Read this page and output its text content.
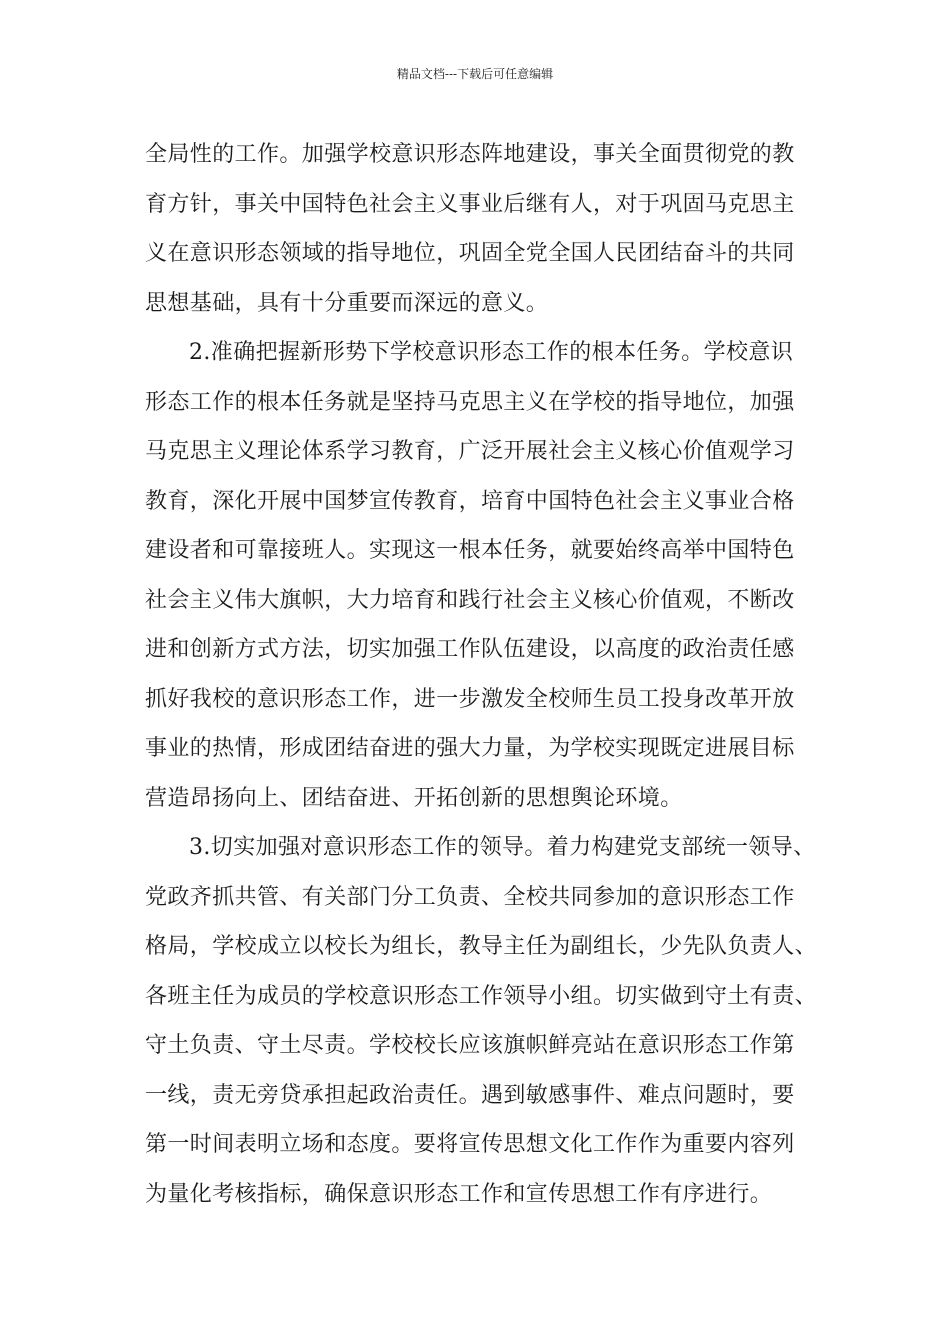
精品文档---下载后可任意编辑
全局性的工作。加强学校意识形态阵地建设，事关全面贯彻党的教
育方针，事关中国特色社会主义事业后继有人，对于巩固马克思主
义在意识形态领域的指导地位，巩固全党全国人民团结奋斗的共同
思想基础，具有十分重要而深远的意义。
2.准确把握新形势下学校意识形态工作的根本任务。学校意识
形态工作的根本任务就是坚持马克思主义在学校的指导地位，加强
马克思主义理论体系学习教育，广泛开展社会主义核心价值观学习
教育，深化开展中国梦宣传教育，培育中国特色社会主义事业合格
建设者和可靠接班人。实现这一根本任务，就要始终高举中国特色
社会主义伟大旗帜，大力培育和践行社会主义核心价值观，不断改
进和创新方式方法，切实加强工作队伍建设，以高度的政治责任感
抓好我校的意识形态工作，进一步激发全校师生员工投身改革开放
事业的热情，形成团结奋进的强大力量，为学校实现既定进展目标
营造昂扬向上、团结奋进、开拓创新的思想舆论环境。
3.切实加强对意识形态工作的领导。着力构建党支部统一领导、
党政齐抓共管、有关部门分工负责、全校共同参加的意识形态工作
格局，学校成立以校长为组长，教导主任为副组长，少先队负责人、
各班主任为成员的学校意识形态工作领导小组。切实做到守土有责、
守土负责、守土尽责。学校校长应该旗帜鲜亮站在意识形态工作第
一线，责无旁贷承担起政治责任。遇到敏感事件、难点问题时，要
第一时间表明立场和态度。要将宣传思想文化工作作为重要内容列
为量化考核指标，确保意识形态工作和宣传思想工作有序进行。
